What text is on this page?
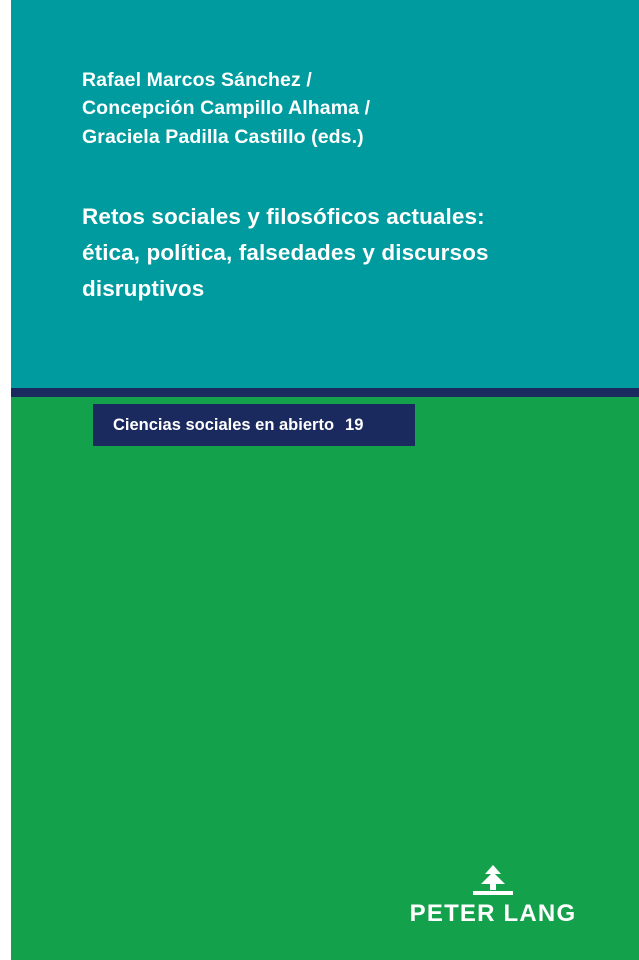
Rafael Marcos Sánchez /
Concepción Campillo Alhama /
Graciela Padilla Castillo (eds.)
Retos sociales y filosóficos actuales:
ética, política, falsedades y discursos disruptivos
Ciencias sociales en abierto 19
PETER LANG
